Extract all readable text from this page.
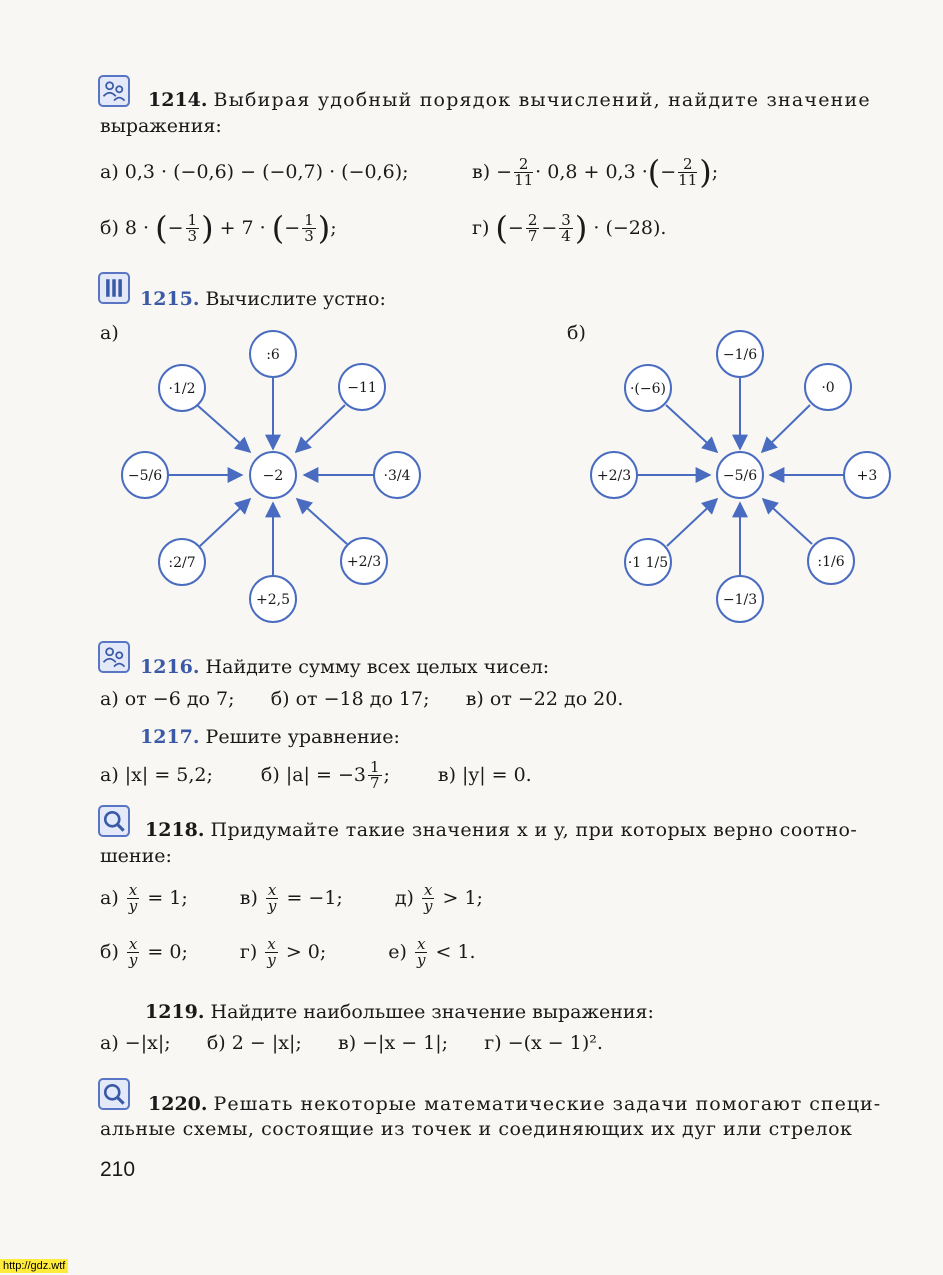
1214. Выбирая удобный порядок вычислений, найдите значение
выражения:
а) 0,3 · (−0,6) − (−0,7) · (−0,6);	$в) - \frac{2}{11} \cdot 0,8 + 0,3$ · ( − $\frac{2}{11}$ ) ;
б) 8 ·
( − $\frac{1}{3}$ )
+ 7 ·
( − $\frac{1}{3}$ ) ;	г)
( − $\frac{2}{7} - \frac{3}{4}$ )
· (−28).
1215. Вычислите устно:
а)	б)
−2
:6
−11
·3/4
+2/3
+2,5
:2/7
−5/6
·1/2
−5/6
−1/6
·0
+3
:1/6
−1/3
·1 1/5
+2/3
·(−6)
1216. Найдите сумму всех целых чисел:
а) от −6 до 7;      б) от −18 до 17;      в) от −22 до 20.
1217. Решите уравнение:
а) |x| = 5,2;	б) $|a| = -3 \frac{1}{7}$ ;	в) |y| = 0.
1218. Придумайте такие значения x и y, при которых верно соотно-
шение:
а)
$\frac{x}{y}$
= 1;	в)
$\frac{x}{y}$
= −1;	д)
$\frac{x}{y}$
> 1;
б)
$\frac{x}{y}$
= 0;	г)
$\frac{x}{y}$
> 0;	е)
$\frac{x}{y}$
< 1.
1219. Найдите наибольшее значение выражения:
а) −|x|;      б) 2 − |x|;      в) −|x − 1|;      г) −(x − 1)².
1220. Решать некоторые математические задачи помогают специ-
альные схемы, состоящие из точек и соединяющих их дуг или стрелок
210
http://gdz.wtf
